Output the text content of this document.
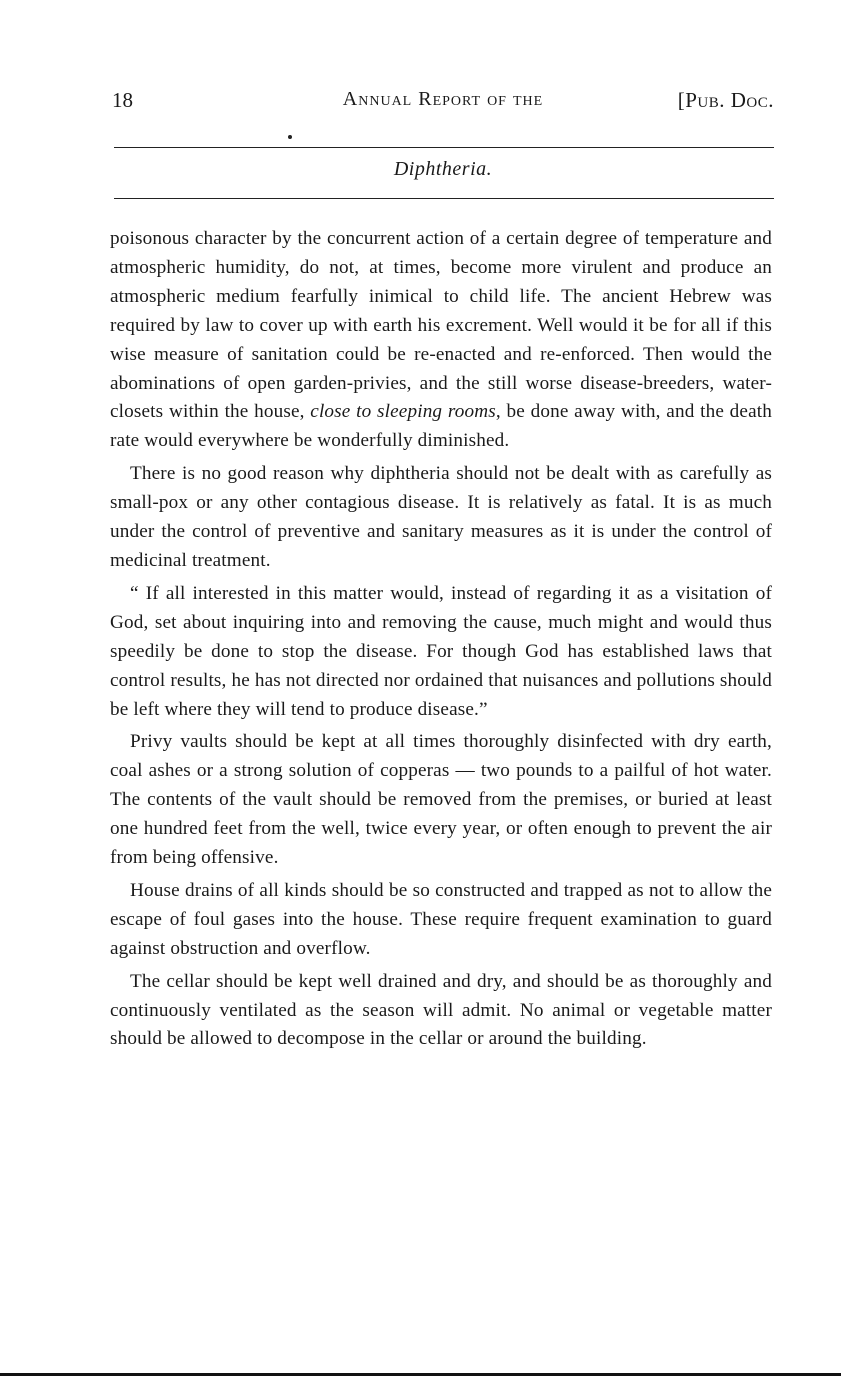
18	Annual Report of the	[Pub. Doc.
Diphtheria.

poisonous character by the concurrent action of a certain degree of temperature and atmospheric humidity, do not, at times, become more virulent and produce an atmospheric medium fearfully inimical to child life. The ancient Hebrew was required by law to cover up with earth his excrement. Well would it be for all if this wise measure of sanitation could be re-enacted and re-enforced. Then would the abominations of open garden-privies, and the still worse disease-breeders, water-closets within the house, close to sleeping rooms, be done away with, and the death rate would everywhere be wonderfully diminished.

There is no good reason why diphtheria should not be dealt with as carefully as small-pox or any other contagious disease. It is relatively as fatal. It is as much under the control of preventive and sanitary measures as it is under the control of medicinal treatment.

“ If all interested in this matter would, instead of regarding it as a visitation of God, set about inquiring into and removing the cause, much might and would thus speedily be done to stop the disease. For though God has established laws that control results, he has not directed nor ordained that nuisances and pollutions should be left where they will tend to produce disease.”

Privy vaults should be kept at all times thoroughly disinfected with dry earth, coal ashes or a strong solution of copperas — two pounds to a pailful of hot water. The contents of the vault should be removed from the premises, or buried at least one hundred feet from the well, twice every year, or often enough to prevent the air from being offensive.

House drains of all kinds should be so constructed and trapped as not to allow the escape of foul gases into the house. These require frequent examination to guard against obstruction and overflow.

The cellar should be kept well drained and dry, and should be as thoroughly and continuously ventilated as the season will admit. No animal or vegetable matter should be allowed to decompose in the cellar or around the building.
